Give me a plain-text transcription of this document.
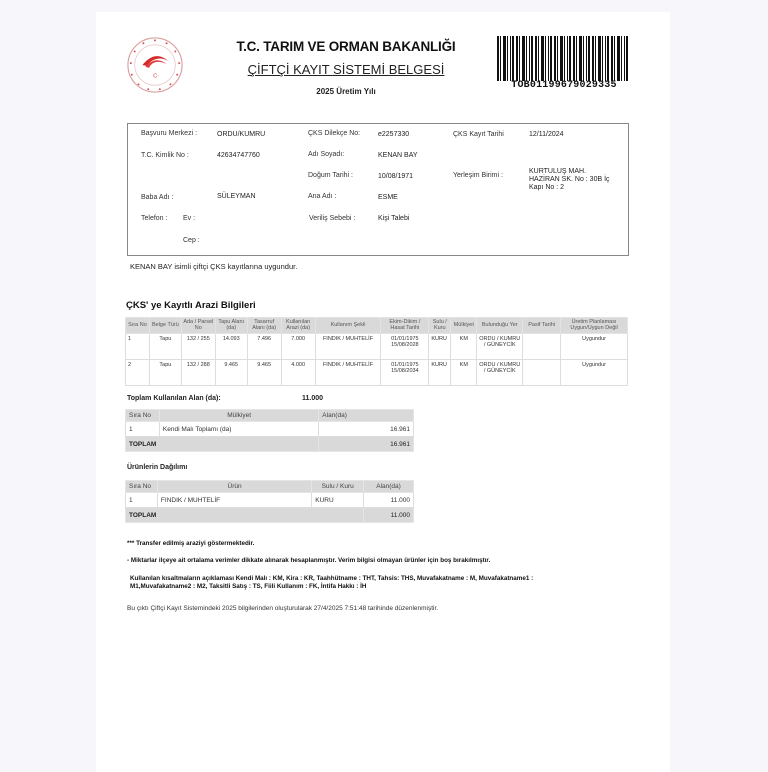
C·
T.C. TARIM VE ORMAN BAKANLIĞI
ÇİFTÇİ KAYIT SİSTEMİ BELGESİ
2025 Üretim Yılı
TOB01199679029335
Başvuru Merkezi :	ORDU/KUMRU	ÇKS Dilekçe No:	e2257330	ÇKS Kayıt Tarihi	12/11/2024
T.C. Kimlik No :	42634747760	Adı Soyadı:	KENAN BAY
Doğum Tarihi :	10/08/1971	Yerleşim Birimi :
KURTULUŞ MAH.
HAZİRAN SK. No : 30B İç
Kapı No : 2
Baba Adı :	SÜLEYMAN	Ana Adı :	ESME
Telefon : Ev :	Veriliş Sebebi :	Kişi Talebi
Cep :
KENAN BAY isimli çiftçi ÇKS kayıtlarına uygundur.
ÇKS' ye Kayıtlı Arazi Bilgileri
Sıra No	Belge Türü	Ada / Parsel No	Tapu Alanı (da)	Tasarruf Alanı (da)	Kullanılan Arazi (da)	Kullanım Şekli	Ekim-Dikim / Hasat Tarihi	Sulu / Kuru	Mülkiyet	Bulunduğu Yer	Pasif Tarihi	Üretim Planlaması Uygun/Uygun Değil
1	Tapu	132 / 255	14.093	7.496	7.000	FINDIK / MUHTELİF	01/01/1975 15/08/2028	KURU	KM	ORDU / KUMRU / GÜNEYCİK		Uygundur
2	Tapu	132 / 288	9.465	9.465	4.000	FINDIK / MUHTELİF	01/01/1975 15/08/2034	KURU	KM	ORDU / KUMRU / GÜNEYCİK		Uygundur
Toplam Kullanılan Alan (da):	11.000
Sıra No	Mülkiyet	Alan(da)
1	Kendi Malı Toplamı (da)	16.961
TOPLAM		16.961
Ürünlerin Dağılımı
Sıra No	Ürün	Sulu / Kuru	Alan(da)
1	FINDIK / MUHTELİF	KURU	11.000
TOPLAM			11.000
*** Transfer edilmiş araziyi göstermektedir.
- Miktarlar ilçeye ait ortalama verimler dikkate alınarak hesaplanmıştır. Verim bilgisi olmayan ürünler için boş bırakılmıştır.
Kullanılan kısaltmaların açıklaması Kendi Malı : KM, Kira : KR, Taahhütname : THT, Tahsis: THS, Muvafakatname : M, Muvafakatname1 :
M1,Muvafakatname2 : M2, Taksitli Satış : TS, Fiili Kullanım : FK, İntifa Hakkı : İH
Bu çıktı Çiftçi Kayıt Sistemindeki 2025 bilgilerinden oluşturularak 27/4/2025 7:51:48 tarihinde düzenlenmiştir.
